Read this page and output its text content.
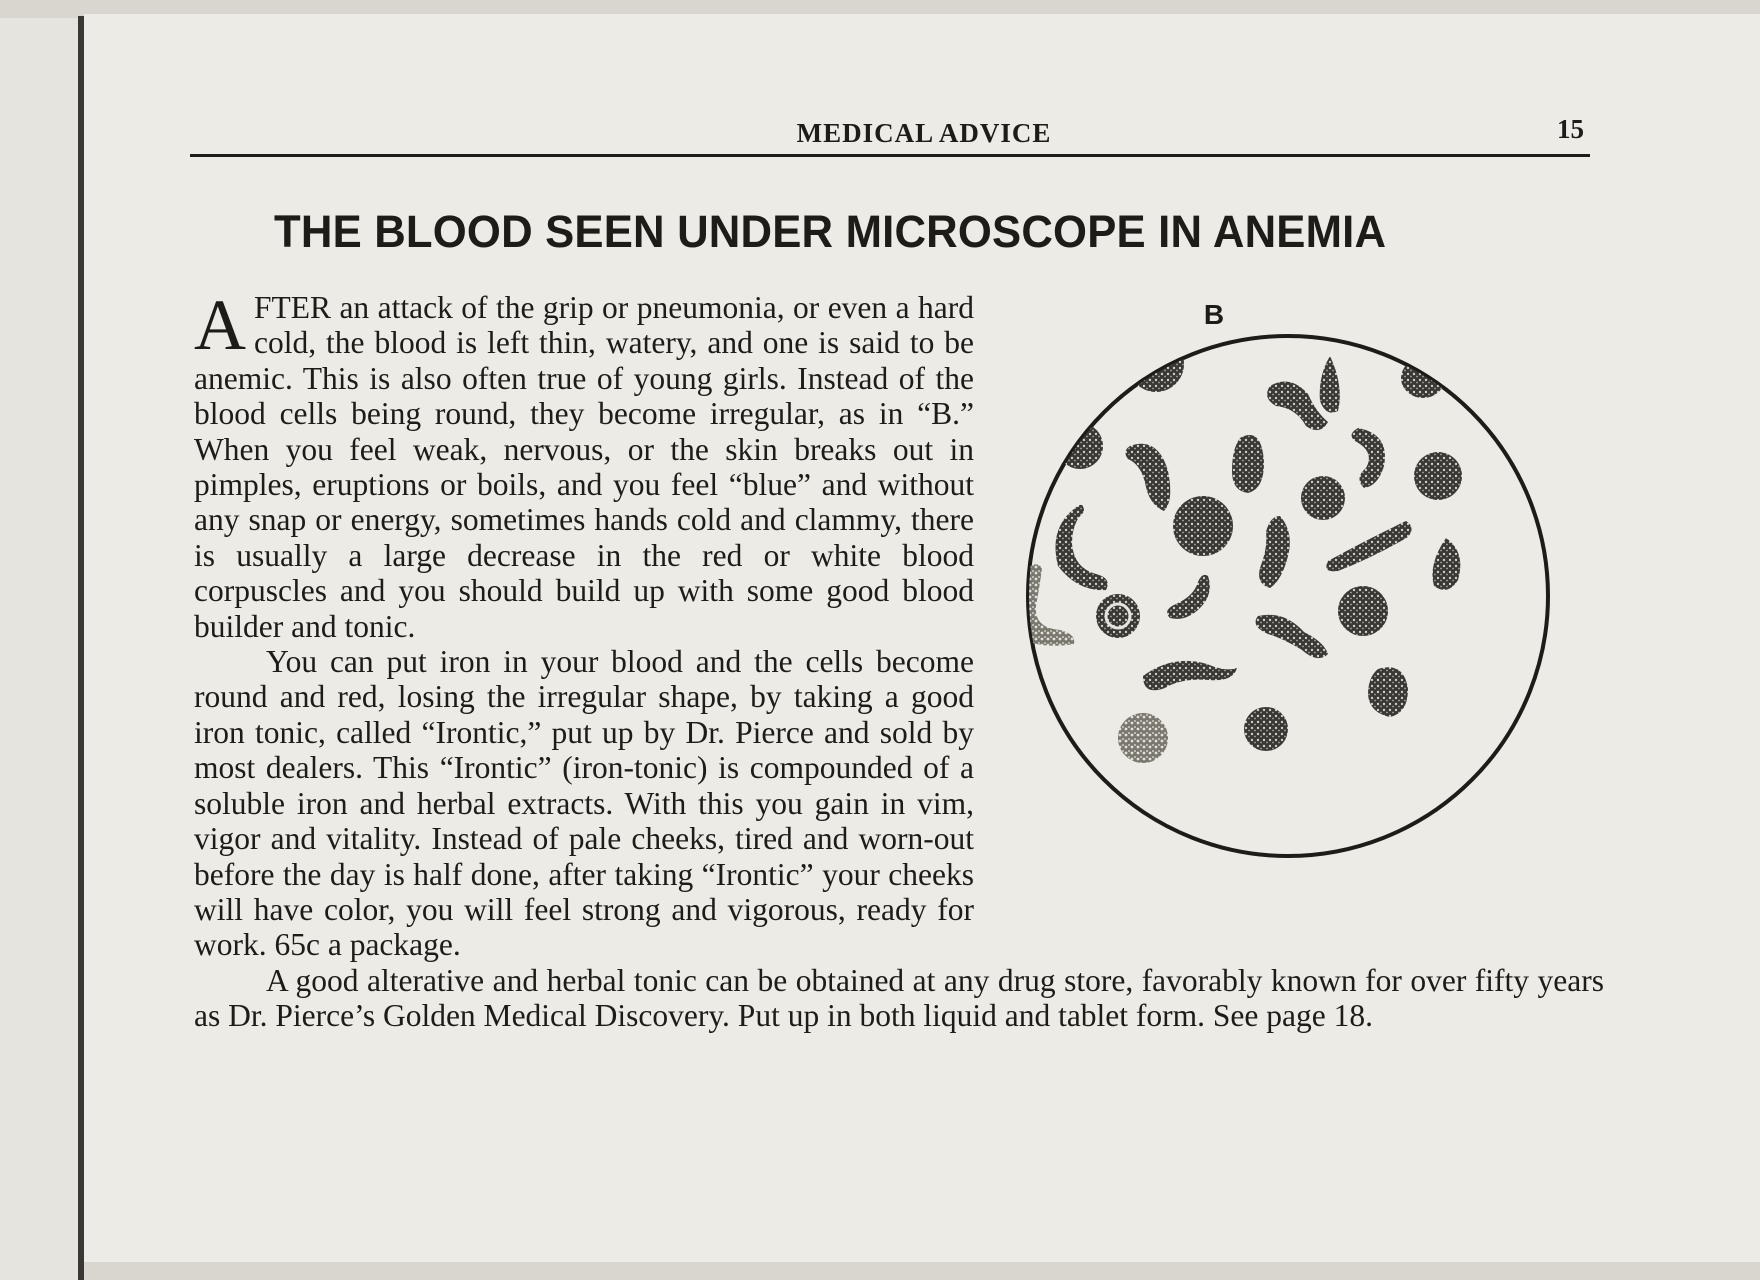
MEDICAL ADVICE	15
THE BLOOD SEEN UNDER MICROSCOPE IN ANEMIA

AFTER an attack of the grip or pneumonia, or even a hard cold, the blood is left thin, watery, and one is said to be anemic. This is also often true of young girls. Instead of the blood cells being round, they become irregular, as in “B.” When you feel weak, nervous, or the skin breaks out in pimples, eruptions or boils, and you feel “blue” and without any snap or energy, sometimes hands cold and clammy, there is usually a large decrease in the red or white blood corpuscles and you should build up with some good blood builder and tonic.

You can put iron in your blood and the cells become round and red, losing the irregular shape, by taking a good iron tonic, called “Irontic,” put up by Dr. Pierce and sold by most dealers. This “Irontic” (iron-tonic) is compounded of a soluble iron and herbal extracts. With this you gain in vim, vigor and vitality. Instead of pale cheeks, tired and worn-out before the day is half done, after taking “Irontic” your cheeks will have color, you will feel strong and vigorous, ready for work. 65c a package.

A good alterative and herbal tonic can be obtained at any drug store, favorably known for over fifty years as Dr. Pierce’s Golden Medical Discovery. Put up in both liquid and tablet form. See page 18.

B
